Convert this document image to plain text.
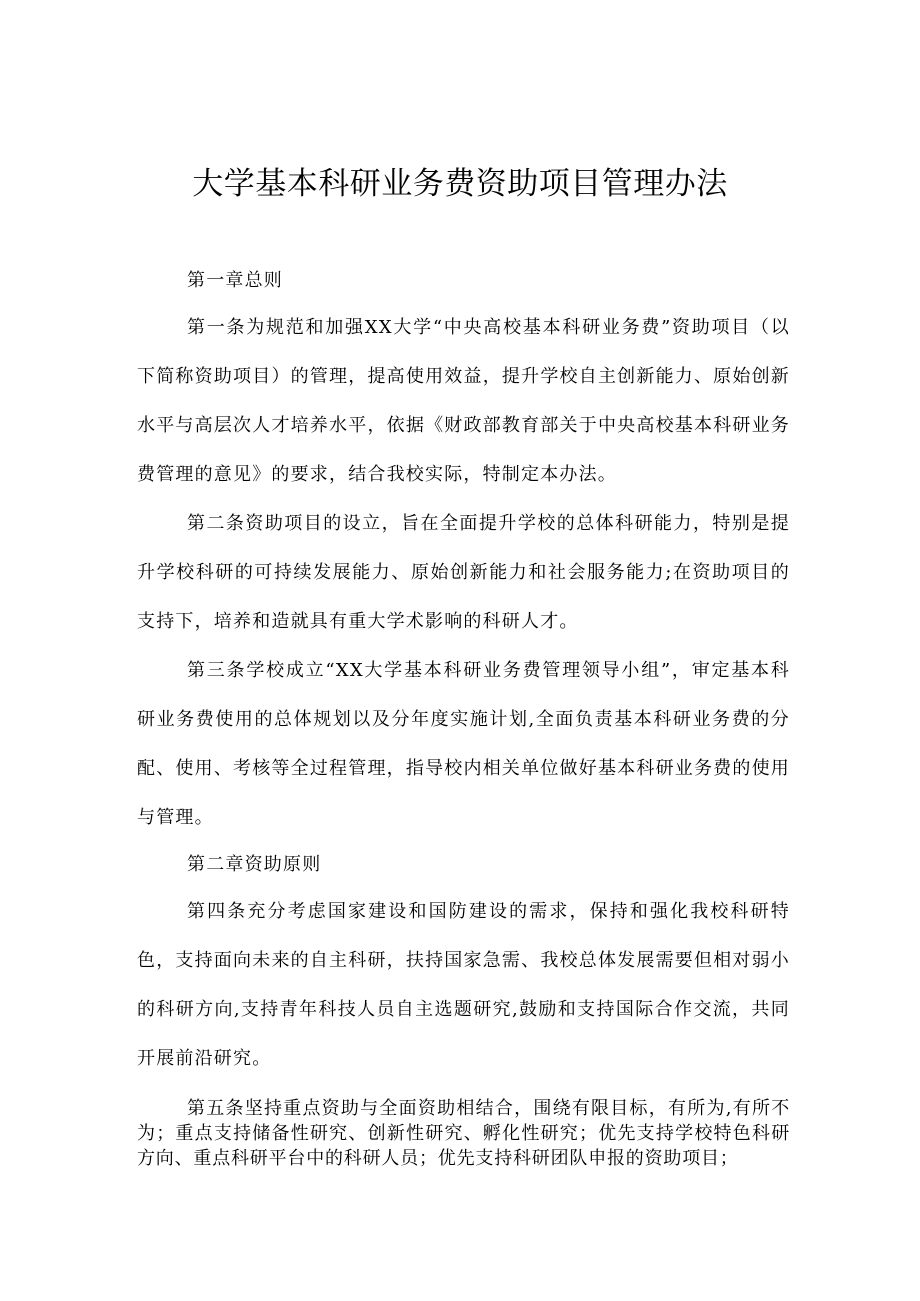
大学基本科研业务费资助项目管理办法

第一章总则

第一条为规范和加强XX大学“中央高校基本科研业务费”资助项目（以下简称资助项目）的管理，提高使用效益，提升学校自主创新能力、原始创新水平与高层次人才培养水平，依据《财政部教育部关于中央高校基本科研业务费管理的意见》的要求，结合我校实际，特制定本办法。

第二条资助项目的设立，旨在全面提升学校的总体科研能力，特别是提升学校科研的可持续发展能力、原始创新能力和社会服务能力;在资助项目的支持下，培养和造就具有重大学术影响的科研人才。

第三条学校成立“XX大学基本科研业务费管理领导小组”，审定基本科研业务费使用的总体规划以及分年度实施计划,全面负责基本科研业务费的分配、使用、考核等全过程管理，指导校内相关单位做好基本科研业务费的使用与管理。

第二章资助原则

第四条充分考虑国家建设和国防建设的需求，保持和强化我校科研特色，支持面向未来的自主科研，扶持国家急需、我校总体发展需要但相对弱小的科研方向,支持青年科技人员自主选题研究,鼓励和支持国际合作交流，共同开展前沿研究。

第五条坚持重点资助与全面资助相结合，围绕有限目标，有所为,有所不为；重点支持储备性研究、创新性研究、孵化性研究；优先支持学校特色科研方向、重点科研平台中的科研人员；优先支持科研团队申报的资助项目；
